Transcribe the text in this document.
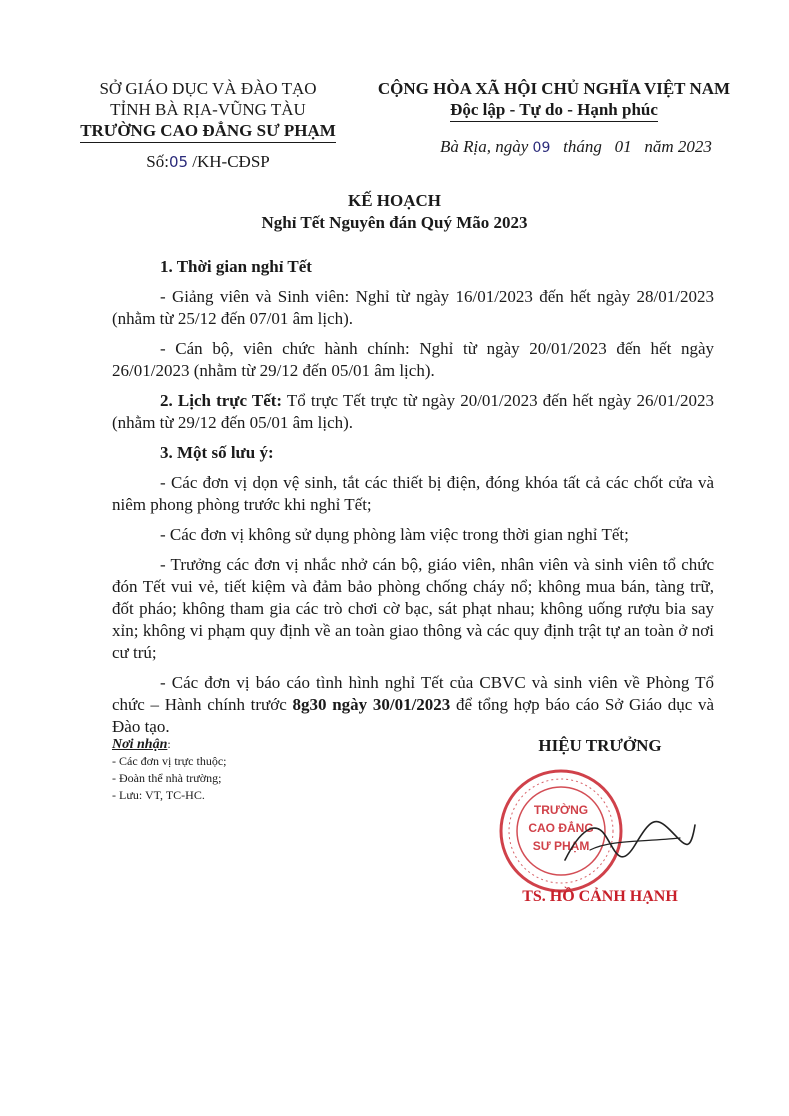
SỞ GIÁO DỤC VÀ ĐÀO TẠO
TỈNH BÀ RỊA-VŨNG TÀU
TRƯỜNG CAO ĐẲNG SƯ PHẠM
Số:05 /KH-CĐSP
CỘNG HÒA XÃ HỘI CHỦ NGHĨA VIỆT NAM
Độc lập - Tự do - Hạnh phúc
Bà Rịa, ngày 09 tháng 01 năm 2023
KẾ HOẠCH
Nghỉ Tết Nguyên đán Quý Mão 2023

1. Thời gian nghỉ Tết

- Giảng viên và Sinh viên: Nghỉ từ ngày 16/01/2023 đến hết ngày 28/01/2023 (nhằm từ 25/12 đến 07/01 âm lịch).

- Cán bộ, viên chức hành chính: Nghỉ từ ngày 20/01/2023 đến hết ngày 26/01/2023 (nhằm từ 29/12 đến 05/01 âm lịch).

2. Lịch trực Tết: Tổ trực Tết trực từ ngày 20/01/2023 đến hết ngày 26/01/2023 (nhằm từ 29/12 đến 05/01 âm lịch).

3. Một số lưu ý:

- Các đơn vị dọn vệ sinh, tắt các thiết bị điện, đóng khóa tất cả các chốt cửa và niêm phong phòng trước khi nghỉ Tết;

- Các đơn vị không sử dụng phòng làm việc trong thời gian nghỉ Tết;

- Trưởng các đơn vị nhắc nhở cán bộ, giáo viên, nhân viên và sinh viên tổ chức đón Tết vui vẻ, tiết kiệm và đảm bảo phòng chống cháy nổ; không mua bán, tàng trữ, đốt pháo; không tham gia các trò chơi cờ bạc, sát phạt nhau; không uống rượu bia say xỉn; không vi phạm quy định về an toàn giao thông và các quy định trật tự an toàn ở nơi cư trú;

- Các đơn vị báo cáo tình hình nghỉ Tết của CBVC và sinh viên về Phòng Tổ chức – Hành chính trước 8g30 ngày 30/01/2023 để tổng hợp báo cáo Sở Giáo dục và Đào tạo.

Nơi nhận:
- Các đơn vị trực thuộc;
- Đoàn thể nhà trường;
- Lưu: VT, TC-HC.
HIỆU TRƯỞNG
TRƯỜNG
CAO ĐẲNG
SƯ PHẠM
TS. HỒ CẢNH HẠNH
